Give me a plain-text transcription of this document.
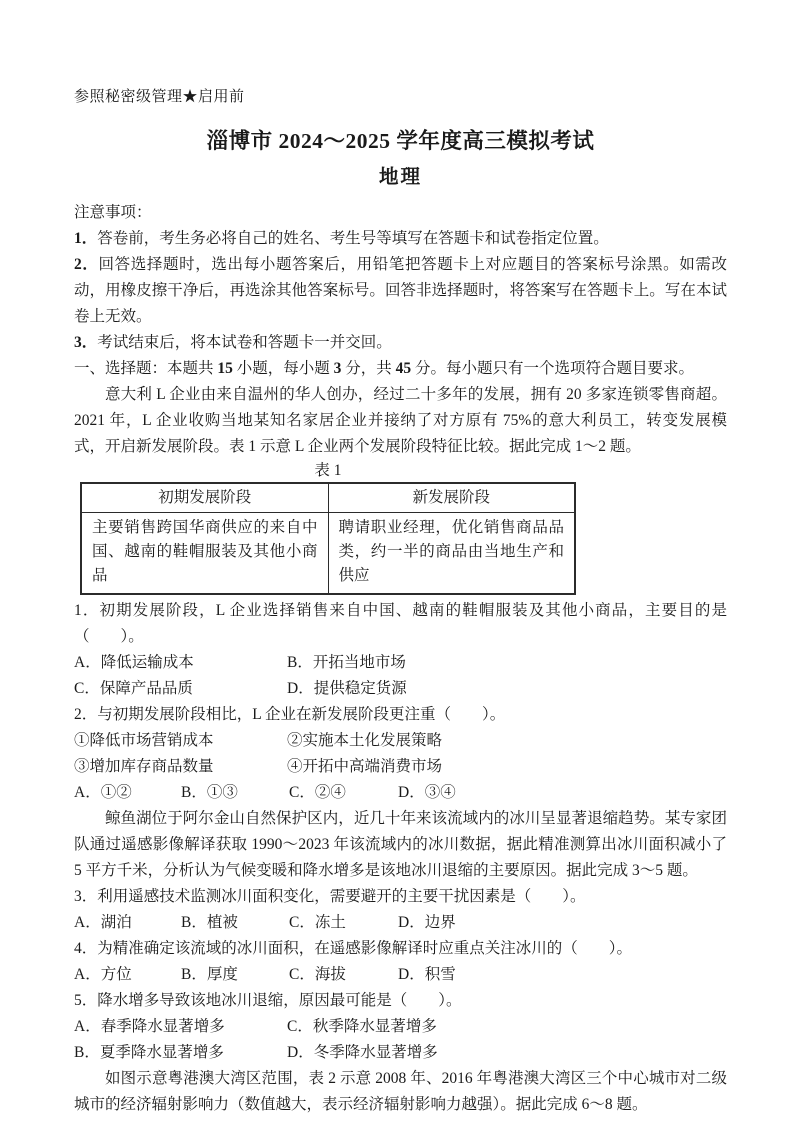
参照秘密级管理★启用前

淄博市 2024～2025 学年度高三模拟考试
地理

注意事项：

1．答卷前，考生务必将自己的姓名、考生号等填写在答题卡和试卷指定位置。

2．回答选择题时，选出每小题答案后，用铅笔把答题卡上对应题目的答案标号涂黑。如需改动，用橡皮擦干净后，再选涂其他答案标号。回答非选择题时，将答案写在答题卡上。写在本试卷上无效。

3．考试结束后，将本试卷和答题卡一并交回。

一、选择题：本题共 15 小题，每小题 3 分，共 45 分。每小题只有一个选项符合题目要求。

意大利 L 企业由来自温州的华人创办，经过二十多年的发展，拥有 20 多家连锁零售商超。2021 年，L 企业收购当地某知名家居企业并接纳了对方原有 75%的意大利员工，转变发展模式，开启新发展阶段。表 1 示意 L 企业两个发展阶段特征比较。据此完成 1～2 题。

表 1

初期发展阶段	新发展阶段
主要销售跨国华商供应的来自中国、越南的鞋帽服装及其他小商品	聘请职业经理，优化销售商品品类，约一半的商品由当地生产和供应

1．初期发展阶段，L 企业选择销售来自中国、越南的鞋帽服装及其他小商品，主要目的是（　　）。

A．降低运输成本	B．开拓当地市场
C．保障产品品质	D．提供稳定货源

2．与初期发展阶段相比，L 企业在新发展阶段更注重（　　）。

①降低市场营销成本	②实施本土化发展策略
③增加库存商品数量	④开拓中高端消费市场
A．①②	B．①③	C．②④	D．③④

鲸鱼湖位于阿尔金山自然保护区内，近几十年来该流域内的冰川呈显著退缩趋势。某专家团队通过遥感影像解译获取 1990～2023 年该流域内的冰川数据，据此精准测算出冰川面积减小了 5 平方千米，分析认为气候变暖和降水增多是该地冰川退缩的主要原因。据此完成 3～5 题。

3．利用遥感技术监测冰川面积变化，需要避开的主要干扰因素是（　　）。

A．湖泊	B．植被	C．冻土	D．边界

4．为精准确定该流域的冰川面积，在遥感影像解译时应重点关注冰川的（　　）。

A．方位	B．厚度	C．海拔	D．积雪

5．降水增多导致该地冰川退缩，原因最可能是（　　）。

A．春季降水显著增多	C．秋季降水显著增多
B．夏季降水显著增多	D．冬季降水显著增多

如图示意粤港澳大湾区范围，表 2 示意 2008 年、2016 年粤港澳大湾区三个中心城市对二级城市的经济辐射影响力（数值越大，表示经济辐射影响力越强）。据此完成 6～8 题。
